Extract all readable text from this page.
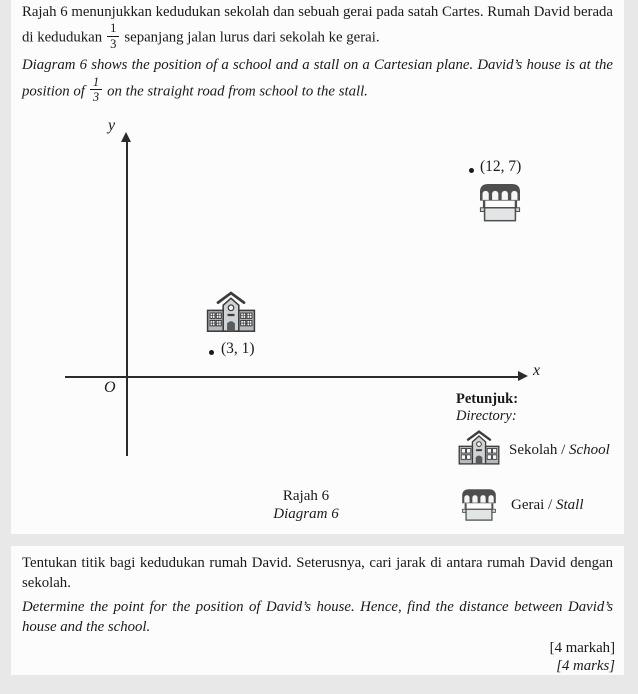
Rajah 6 menunjukkan kedudukan sekolah dan sebuah gerai pada satah Cartes. Rumah David berada di kedudukan $\frac{1}{3}$ sepanjang jalan lurus dari sekolah ke gerai.

Diagram 6 shows the position of a school and a stall on a Cartesian plane. David’s house is at the position of $\frac{1}{3}$ on the straight road from school to the stall.

y
x
O
(12, 7)
(3, 1)
Rajah 6
Diagram 6
Petunjuk:
Directory:
Sekolah / School
Gerai / Stall

Tentukan titik bagi kedudukan rumah David. Seterusnya, cari jarak di antara rumah David dengan sekolah.

Determine the point for the position of David’s house. Hence, find the distance between David’s house and the school.

[4 markah]
[4 marks]
